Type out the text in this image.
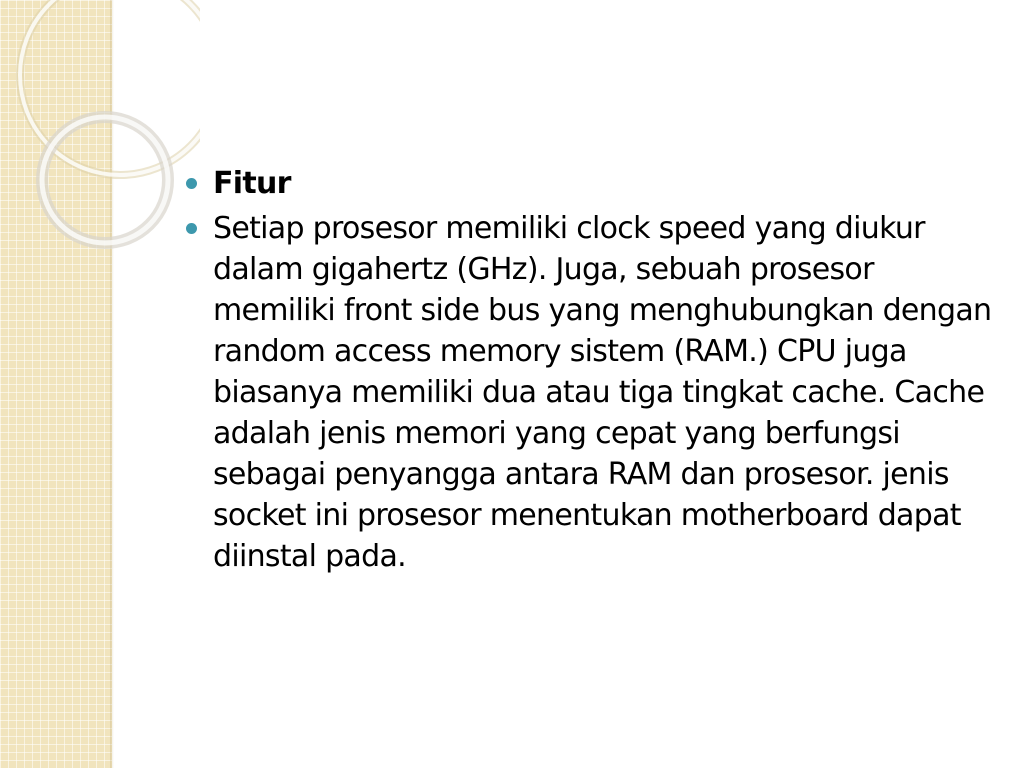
Fitur
Setiap prosesor memiliki clock speed yang diukur dalam gigahertz (GHz). Juga, sebuah prosesor memiliki front side bus yang menghubungkan dengan random access memory sistem (RAM.) CPU juga biasanya memiliki dua atau tiga tingkat cache. Cache adalah jenis memori yang cepat yang berfungsi sebagai penyangga antara RAM dan prosesor. jenis socket ini prosesor menentukan motherboard dapat diinstal pada.
